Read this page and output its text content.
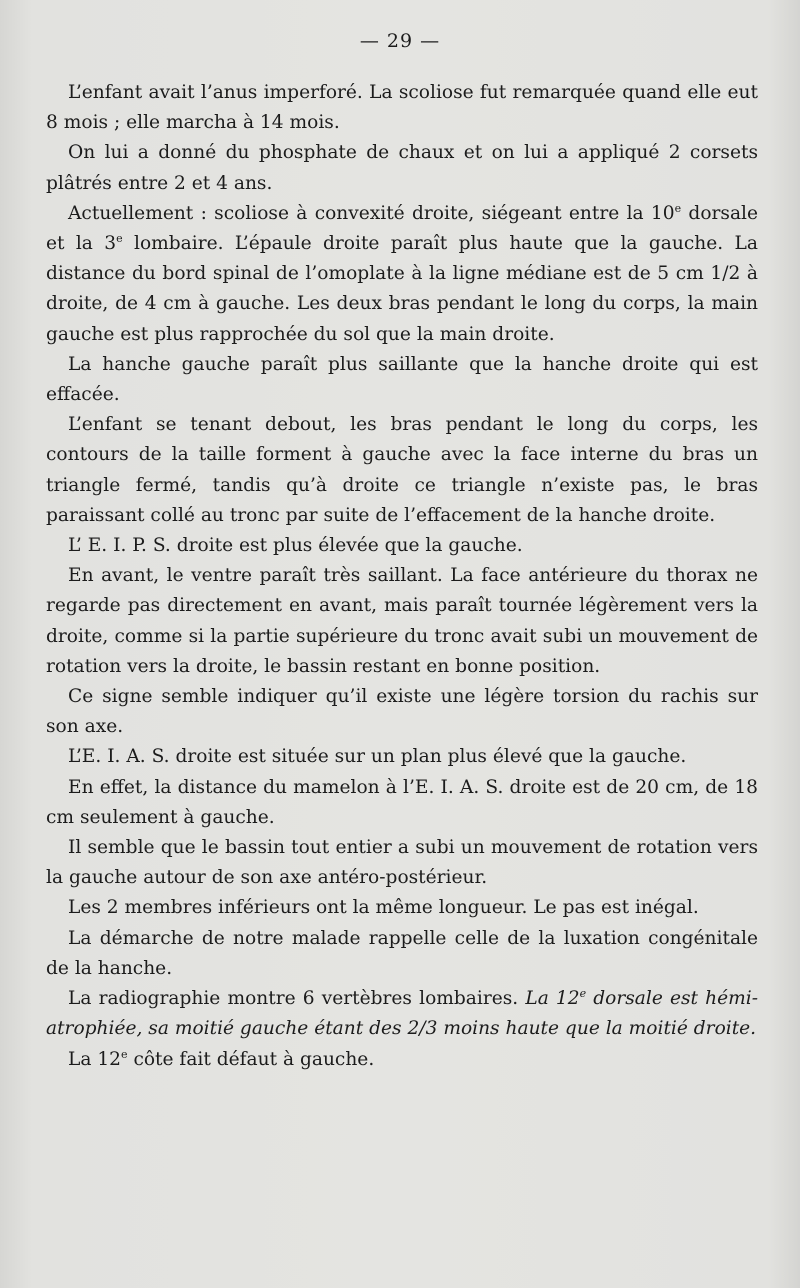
— 29 —

L’enfant avait l’anus imperforé. La scoliose fut remarquée quand elle eut 8 mois ; elle marcha à 14 mois.

On lui a donné du phosphate de chaux et on lui a appliqué 2 corsets plâtrés entre 2 et 4 ans.

Actuellement : scoliose à convexité droite, siégeant entre la 10e dorsale et la 3e lombaire. L’épaule droite paraît plus haute que la gauche. La distance du bord spinal de l’omoplate à la ligne médiane est de 5 cm 1/2 à droite, de 4 cm à gauche. Les deux bras pendant le long du corps, la main gauche est plus rapprochée du sol que la main droite.

La hanche gauche paraît plus saillante que la hanche droite qui est effacée.

L’enfant se tenant debout, les bras pendant le long du corps, les contours de la taille forment à gauche avec la face interne du bras un triangle fermé, tandis qu’à droite ce triangle n’existe pas, le bras paraissant collé au tronc par suite de l’effacement de la hanche droite.

L’ E. I. P. S. droite est plus élevée que la gauche.

En avant, le ventre paraît très saillant. La face antérieure du thorax ne regarde pas directement en avant, mais paraît tournée légèrement vers la droite, comme si la partie supérieure du tronc avait subi un mouvement de rotation vers la droite, le bassin restant en bonne position.

Ce signe semble indiquer qu’il existe une légère torsion du rachis sur son axe.

L’E. I. A. S. droite est située sur un plan plus élevé que la gauche.

En effet, la distance du mamelon à l’E. I. A. S. droite est de 20 cm, de 18 cm seulement à gauche.

Il semble que le bassin tout entier a subi un mouvement de rotation vers la gauche autour de son axe antéro-postérieur.

Les 2 membres inférieurs ont la même longueur. Le pas est inégal.

La démarche de notre malade rappelle celle de la luxation congénitale de la hanche.

La radiographie montre 6 vertèbres lombaires. La 12e dorsale est hémi-atrophiée, sa moitié gauche étant des 2/3 moins haute que la moitié droite.

La 12e côte fait défaut à gauche.
